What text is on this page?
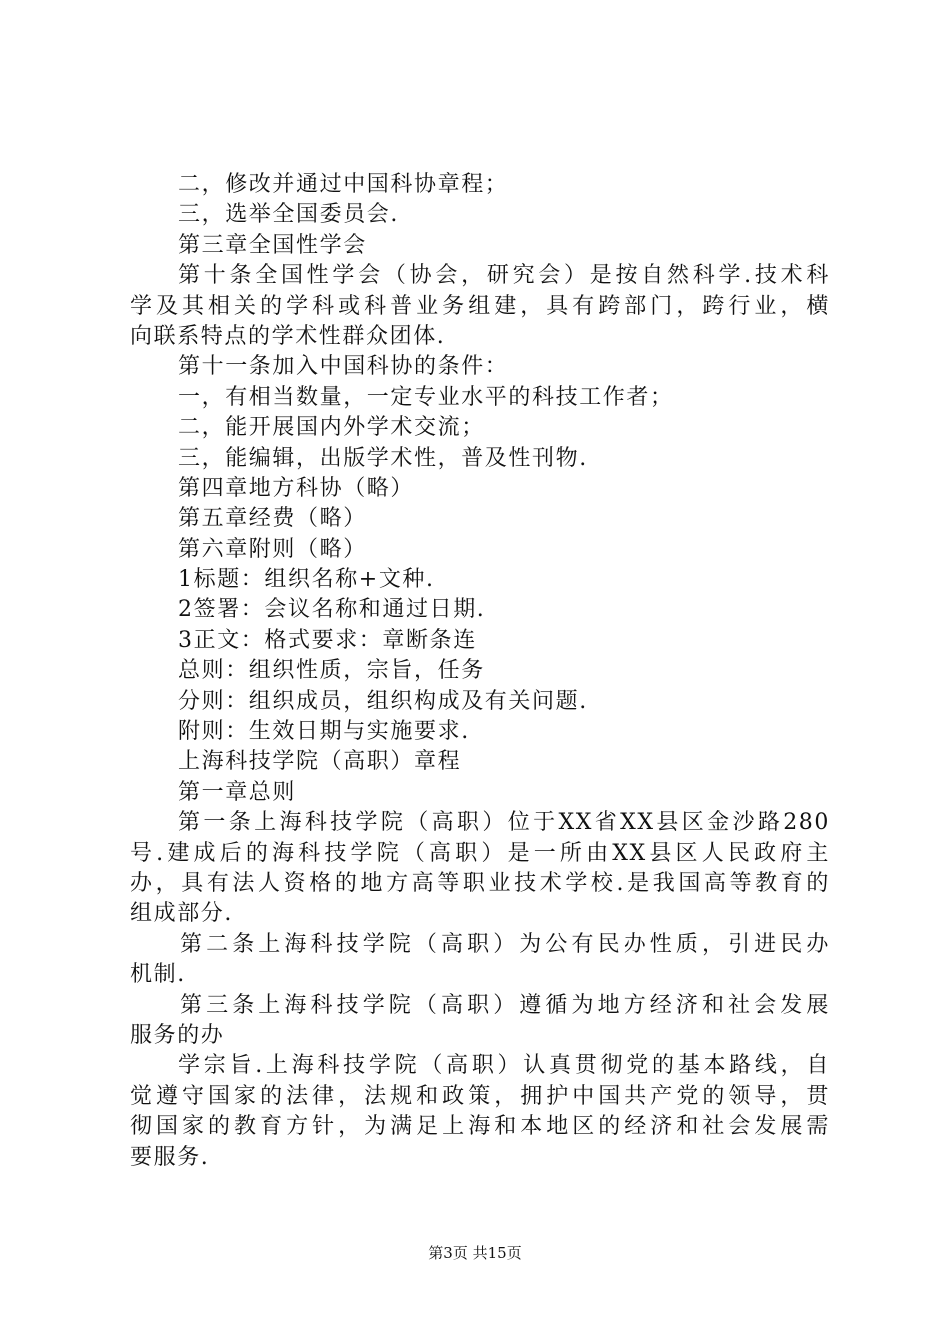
二，修改并通过中国科协章程；
三，选举全国委员会.
第三章全国性学会
第十条全国性学会（协会，研究会）是按自然科学.技术科
学及其相关的学科或科普业务组建，具有跨部门，跨行业，横
向联系特点的学术性群众团体.
第十一条加入中国科协的条件：
一，有相当数量，一定专业水平的科技工作者；
二，能开展国内外学术交流；
三，能编辑，出版学术性，普及性刊物.
第四章地方科协（略）
第五章经费（略）
第六章附则（略）
1标题：组织名称+文种.
2签署：会议名称和通过日期.
3正文：格式要求：章断条连
总则：组织性质，宗旨，任务
分则：组织成员，组织构成及有关问题.
附则：生效日期与实施要求.
上海科技学院（高职）章程
第一章总则
第一条上海科技学院（高职）位于XX省XX县区金沙路280
号.建成后的海科技学院（高职）是一所由XX县区人民政府主
办，具有法人资格的地方高等职业技术学校.是我国高等教育的
组成部分.
第二条上海科技学院（高职）为公有民办性质，引进民办
机制.
第三条上海科技学院（高职）遵循为地方经济和社会发展
服务的办
学宗旨.上海科技学院（高职）认真贯彻党的基本路线，自
觉遵守国家的法律，法规和政策，拥护中国共产党的领导，贯
彻国家的教育方针，为满足上海和本地区的经济和社会发展需
要服务.
第3页 共15页
